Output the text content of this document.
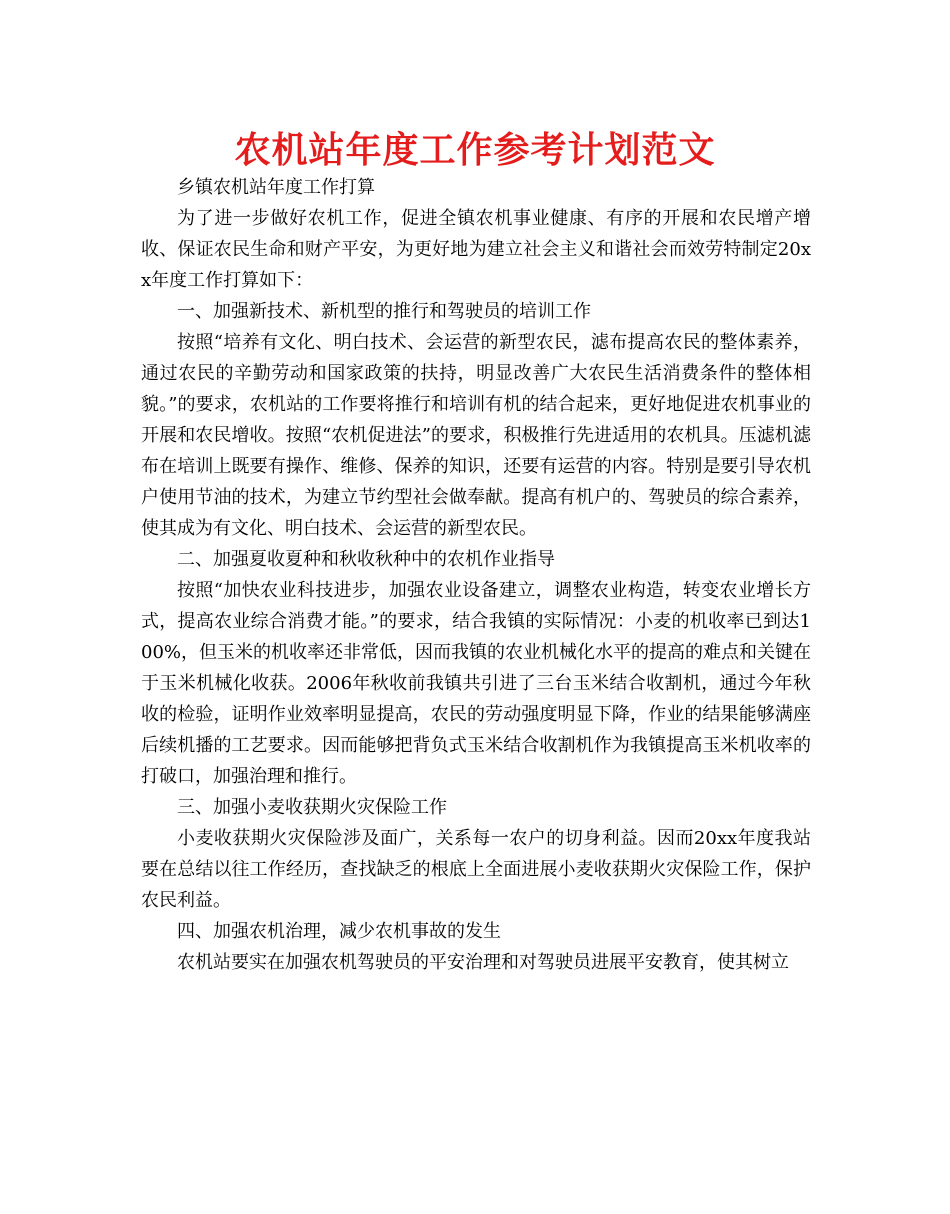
农机站年度工作参考计划范文

乡镇农机站年度工作打算

为了进一步做好农机工作，促进全镇农机事业健康、有序的开展和农民增产增收、保证农民生命和财产平安，为更好地为建立社会主义和谐社会而效劳特制定20xx年度工作打算如下：

一、加强新技术、新机型的推行和驾驶员的培训工作

按照“培养有文化、明白技术、会运营的新型农民，滤布提高农民的整体素养，通过农民的辛勤劳动和国家政策的扶持，明显改善广大农民生活消费条件的整体相貌。”的要求，农机站的工作要将推行和培训有机的结合起来，更好地促进农机事业的开展和农民增收。按照“农机促进法”的要求，积极推行先进适用的农机具。压滤机滤布在培训上既要有操作、维修、保养的知识，还要有运营的内容。特别是要引导农机户使用节油的技术，为建立节约型社会做奉献。提高有机户的、驾驶员的综合素养，使其成为有文化、明白技术、会运营的新型农民。

二、加强夏收夏种和秋收秋种中的农机作业指导

按照“加快农业科技进步，加强农业设备建立，调整农业构造，转变农业增长方式，提高农业综合消费才能。”的要求，结合我镇的实际情况：小麦的机收率已到达100%，但玉米的机收率还非常低，因而我镇的农业机械化水平的提高的难点和关键在于玉米机械化收获。2006年秋收前我镇共引进了三台玉米结合收割机，通过今年秋收的检验，证明作业效率明显提高，农民的劳动强度明显下降，作业的结果能够满座后续机播的工艺要求。因而能够把背负式玉米结合收割机作为我镇提高玉米机收率的打破口，加强治理和推行。

三、加强小麦收获期火灾保险工作

小麦收获期火灾保险涉及面广，关系每一农户的切身利益。因而20xx年度我站要在总结以往工作经历，查找缺乏的根底上全面进展小麦收获期火灾保险工作，保护农民利益。

四、加强农机治理，减少农机事故的发生

农机站要实在加强农机驾驶员的平安治理和对驾驶员进展平安教育，使其树立
